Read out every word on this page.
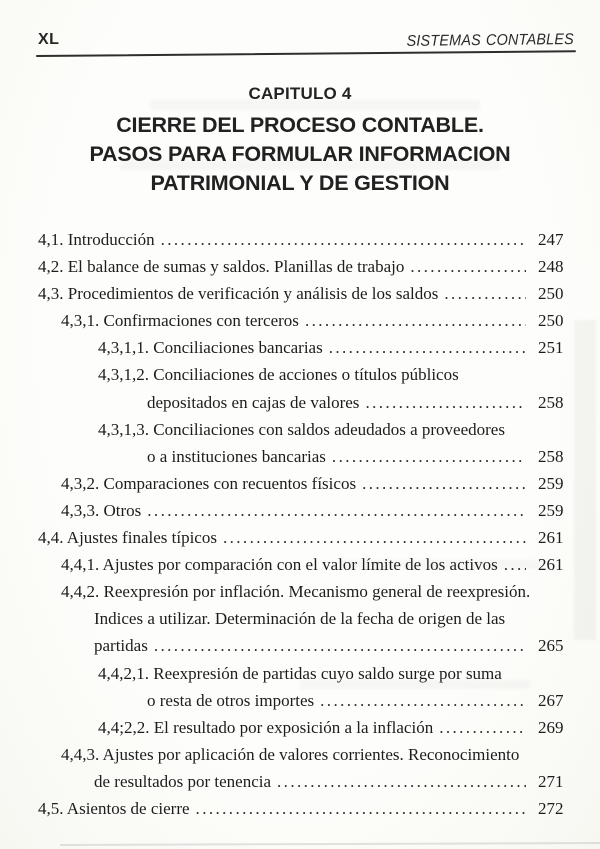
XL	SISTEMAS CONTABLES
CAPITULO 4
CIERRE DEL PROCESO CONTABLE.
PASOS PARA FORMULAR INFORMACION
PATRIMONIAL Y DE GESTION
4,1. Introducción .....	247
4,2. El balance de sumas y saldos. Planillas de trabajo .....	248
4,3. Procedimientos de verificación y análisis de los saldos .....	250
4,3,1. Confirmaciones con terceros .....	250
4,3,1,1. Conciliaciones bancarias .....	251
4,3,1,2. Conciliaciones de acciones o títulos públicos
depositados en cajas de valores .....	258
4,3,1,3. Conciliaciones con saldos adeudados a proveedores
o a instituciones bancarias .....	258
4,3,2. Comparaciones con recuentos físicos .....	259
4,3,3. Otros .....	259
4,4. Ajustes finales típicos .....	261
4,4,1. Ajustes por comparación con el valor límite de los activos ..... 261
4,4,2. Reexpresión por inflación. Mecanismo general de reexpresión.
Indices a utilizar. Determinación de la fecha de origen de las
partidas .....	265
4,4,2,1. Reexpresión de partidas cuyo saldo surge por suma
o resta de otros importes .....	267
4,4;2,2. El resultado por exposición a la inflación .....	269
4,4,3. Ajustes por aplicación de valores corrientes. Reconocimiento
de resultados por tenencia .....	271
4,5. Asientos de cierre .....	272
